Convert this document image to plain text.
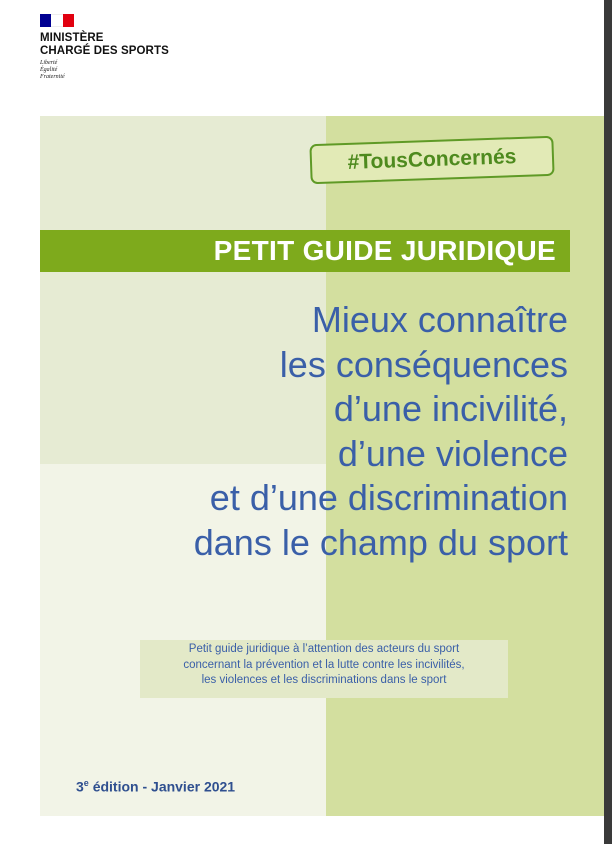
MINISTÈRE
CHARGÉ DES SPORTS
Liberté
Égalité
Fraternité
#TousConcernés
PETIT GUIDE JURIDIQUE
Mieux connaître
les conséquences
d’une incivilité,
d’une violence
et d’une discrimination
dans le champ du sport
Petit guide juridique à l’attention des acteurs du sport
concernant la prévention et la lutte contre les incivilités,
les violences et les discriminations dans le sport
3e édition - Janvier 2021
